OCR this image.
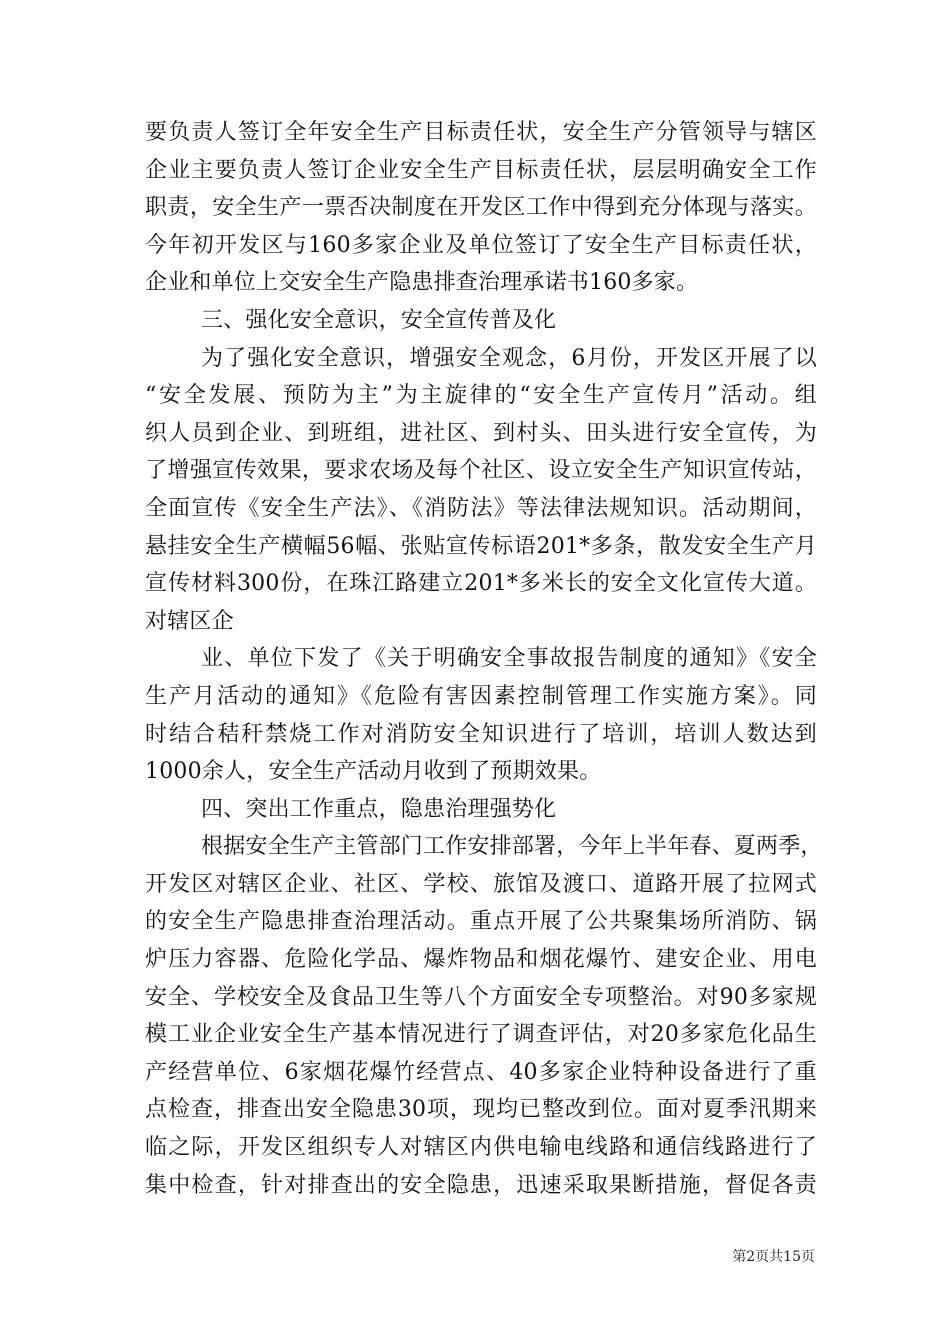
要负责人签订全年安全生产目标责任状，安全生产分管领导与辖区
企业主要负责人签订企业安全生产目标责任状，层层明确安全工作
职责，安全生产一票否决制度在开发区工作中得到充分体现与落实。
今年初开发区与160多家企业及单位签订了安全生产目标责任状，
企业和单位上交安全生产隐患排查治理承诺书160多家。
三、强化安全意识，安全宣传普及化
为了强化安全意识，增强安全观念，6月份，开发区开展了以
“安全发展、预防为主”为主旋律的“安全生产宣传月”活动。组
织人员到企业、到班组，进社区、到村头、田头进行安全宣传，为
了增强宣传效果，要求农场及每个社区、设立安全生产知识宣传站，
全面宣传《安全生产法》、《消防法》等法律法规知识。活动期间，
悬挂安全生产横幅56幅、张贴宣传标语201*多条，散发安全生产月
宣传材料300份，在珠江路建立201*多米长的安全文化宣传大道。
对辖区企
业、单位下发了《关于明确安全事故报告制度的通知》《安全
生产月活动的通知》《危险有害因素控制管理工作实施方案》。同
时结合秸秆禁烧工作对消防安全知识进行了培训，培训人数达到
1000余人，安全生产活动月收到了预期效果。
四、突出工作重点，隐患治理强势化
根据安全生产主管部门工作安排部署，今年上半年春、夏两季，
开发区对辖区企业、社区、学校、旅馆及渡口、道路开展了拉网式
的安全生产隐患排查治理活动。重点开展了公共聚集场所消防、锅
炉压力容器、危险化学品、爆炸物品和烟花爆竹、建安企业、用电
安全、学校安全及食品卫生等八个方面安全专项整治。对90多家规
模工业企业安全生产基本情况进行了调查评估，对20多家危化品生
产经营单位、6家烟花爆竹经营点、40多家企业特种设备进行了重
点检查，排查出安全隐患30项，现均已整改到位。面对夏季汛期来
临之际，开发区组织专人对辖区内供电输电线路和通信线路进行了
集中检查，针对排查出的安全隐患，迅速采取果断措施，督促各责
第2页共15页
